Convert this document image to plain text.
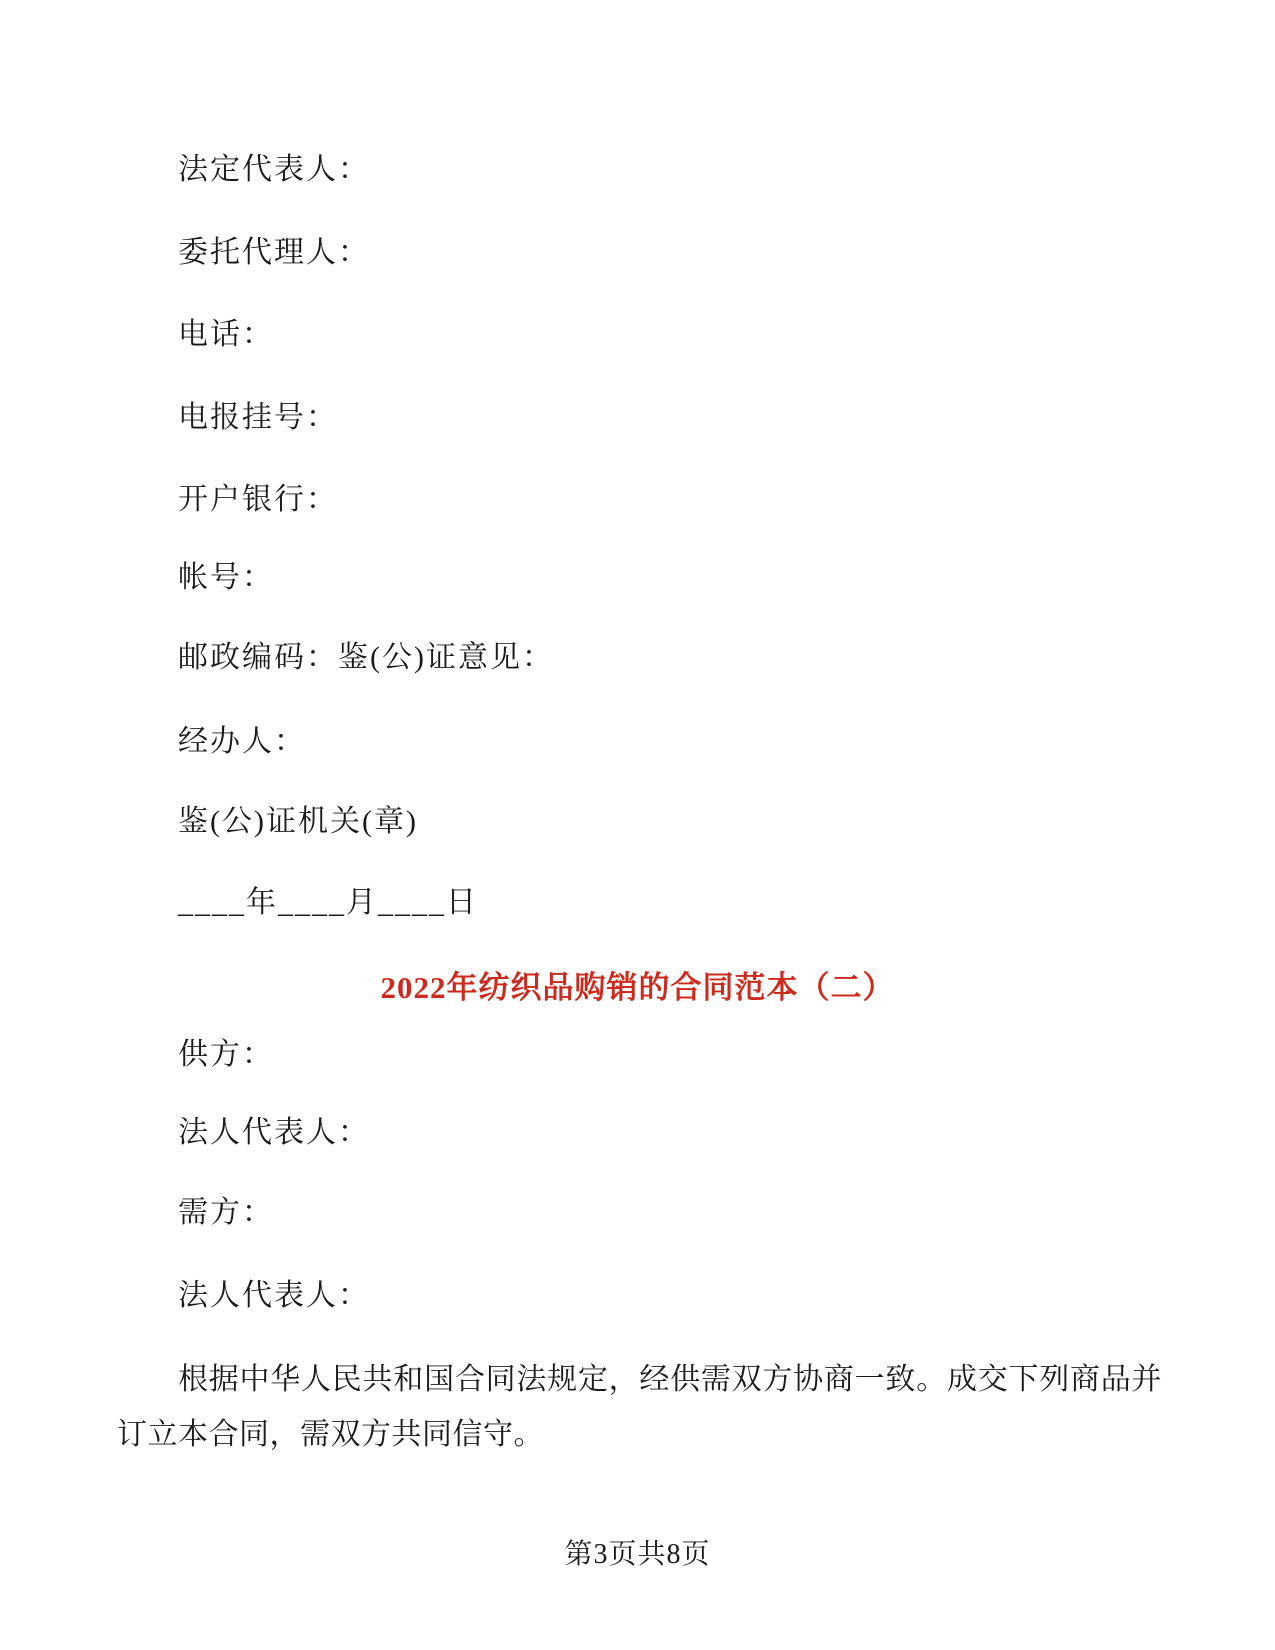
法定代表人：
委托代理人：
电话：
电报挂号：
开户银行：
帐号：
邮政编码：鉴(公)证意见：
经办人：
鉴(公)证机关(章)
____年____月____日
2022年纺织品购销的合同范本（二）
供方：
法人代表人：
需方：
法人代表人：

根据中华人民共和国合同法规定，经供需双方协商一致。成交下列商品并订立本合同，需双方共同信守。

第3页共8页
